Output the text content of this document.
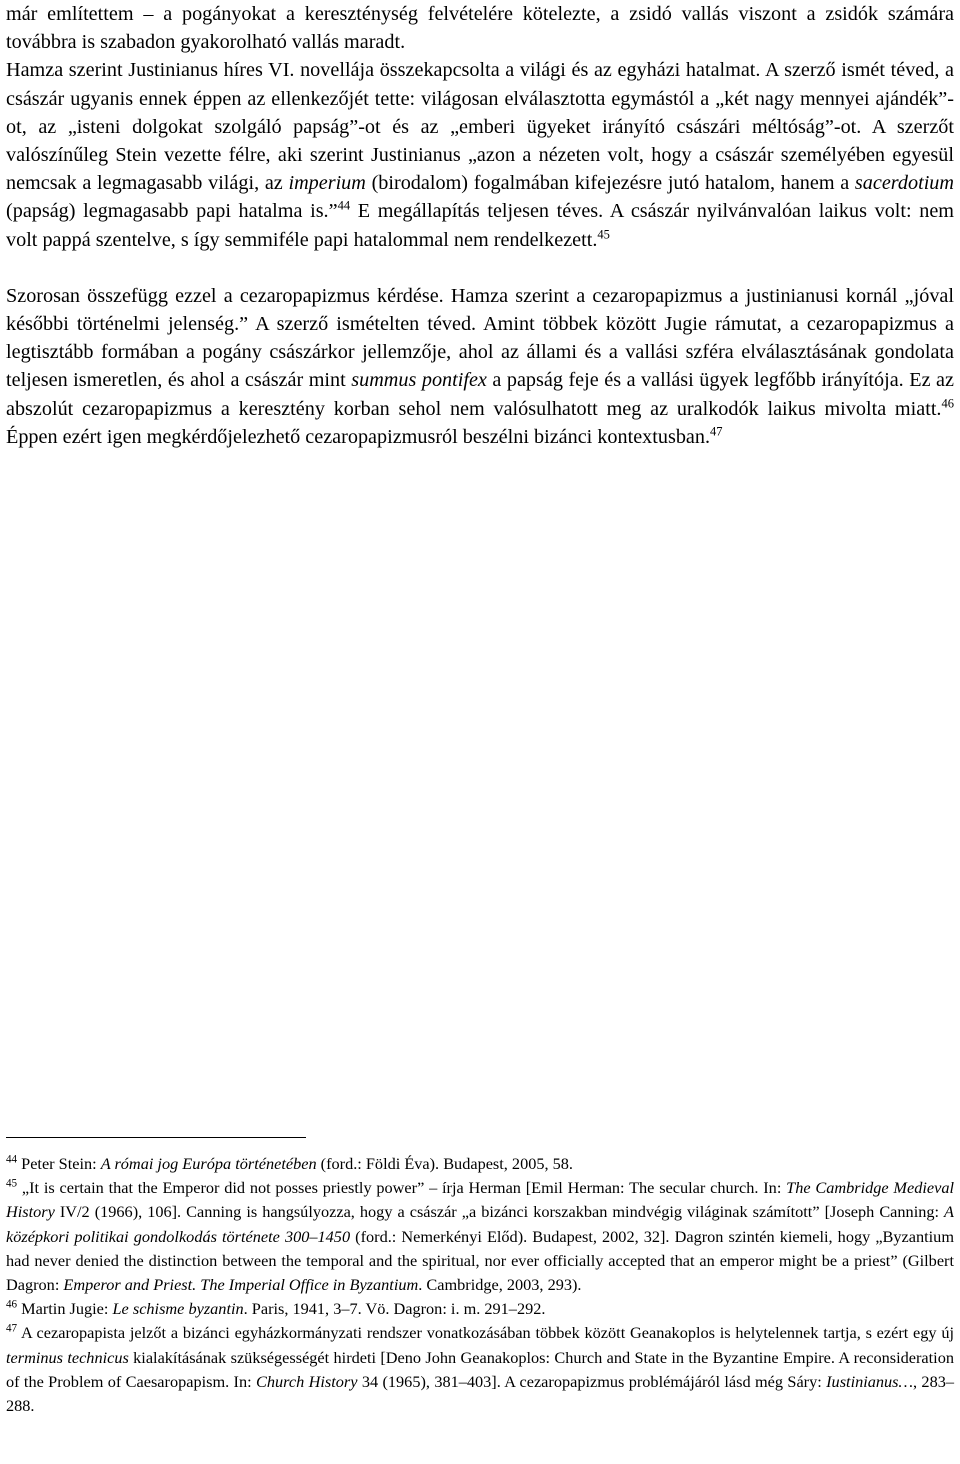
már említettem – a pogányokat a kereszténység felvételére kötelezte, a zsidó vallás viszont a zsidók számára továbbra is szabadon gyakorolható vallás maradt.

Hamza szerint Justinianus híres VI. novellája összekapcsolta a világi és az egyházi hatalmat. A szerző ismét téved, a császár ugyanis ennek éppen az ellenkezőjét tette: világosan elválasztotta egymástól a „két nagy mennyei ajándék”-ot, az „isteni dolgokat szolgáló papság”-ot és az „emberi ügyeket irányító császári méltóság”-ot. A szerzőt valószínűleg Stein vezette félre, aki szerint Justinianus „azon a nézeten volt, hogy a császár személyében egyesül nemcsak a legmagasabb világi, az imperium (birodalom) fogalmában kifejezésre jutó hatalom, hanem a sacerdotium (papság) legmagasabb papi hatalma is.”$^{44}$ E megállapítás teljesen téves. A császár nyilvánvalóan laikus volt: nem volt pappá szentelve, s így semmiféle papi hatalommal nem rendelkezett.$^{45}$

Szorosan összefügg ezzel a cezaropapizmus kérdése. Hamza szerint a cezaropapizmus a justinianusi kornál „jóval későbbi történelmi jelenség.” A szerző ismételten téved. Amint többek között Jugie rámutat, a cezaropapizmus a legtisztább formában a pogány császárkor jellemzője, ahol az állami és a vallási szféra elválasztásának gondolata teljesen ismeretlen, és ahol a császár mint summus pontifex a papság feje és a vallási ügyek legfőbb irányítója. Ez az abszolút cezaropapizmus a keresztény korban sehol nem valósulhatott meg az uralkodók laikus mivolta miatt.$^{46}$ Éppen ezért igen megkérdőjelezhető cezaropapizmusról beszélni bizánci kontextusban.$^{47}$

$^{44}$ Peter Stein: A római jog Európa történetében (ford.: Földi Éva). Budapest, 2005, 58.

$^{45}$ „It is certain that the Emperor did not posses priestly power” – írja Herman [Emil Herman: The secular church. In: The Cambridge Medieval History IV/2 (1966), 106]. Canning is hangsúlyozza, hogy a császár „a bizánci korszakban mindvégig világinak számított” [Joseph Canning: A középkori politikai gondolkodás története 300–1450 (ford.: Nemerkényi Előd). Budapest, 2002, 32]. Dagron szintén kiemeli, hogy „Byzantium had never denied the distinction between the temporal and the spiritual, nor ever officially accepted that an emperor might be a priest” (Gilbert Dagron: Emperor and Priest. The Imperial Office in Byzantium. Cambridge, 2003, 293).

$^{46}$ Martin Jugie: Le schisme byzantin. Paris, 1941, 3–7. Vö. Dagron: i. m. 291–292.

$^{47}$ A cezaropapista jelzőt a bizánci egyházkormányzati rendszer vonatkozásában többek között Geanakoplos is helytelennek tartja, s ezért egy új terminus technicus kialakításának szükségességét hirdeti [Deno John Geanakoplos: Church and State in the Byzantine Empire. A reconsideration of the Problem of Caesaropapism. In: Church History 34 (1965), 381–403]. A cezaropapizmus problémájáról lásd még Sáry: Iustinianus…, 283–288.
